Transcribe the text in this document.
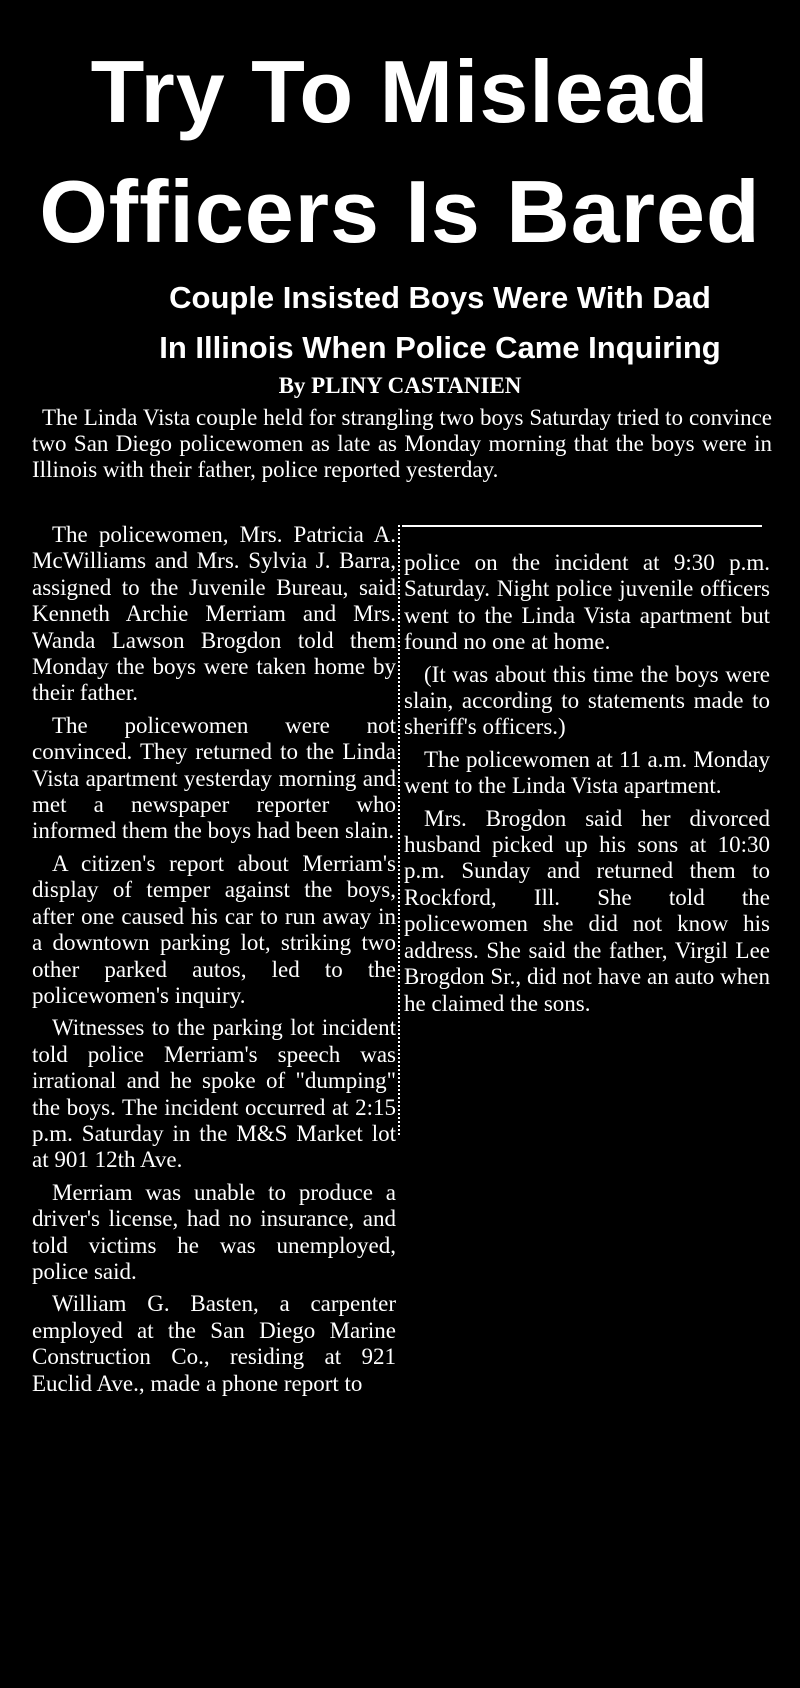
Try To Mislead
Officers Is Bared
Couple Insisted Boys Were With Dad
In Illinois When Police Came Inquiring
By PLINY CASTANIEN

The Linda Vista couple held for strangling two boys Saturday tried to convince two San Diego policewomen as late as Monday morning that the boys were in Illinois with their father, police reported yesterday.

The policewomen, Mrs. Patricia A. McWilliams and Mrs. Sylvia J. Barra, assigned to the Juvenile Bureau, said Kenneth Archie Merriam and Mrs. Wanda Lawson Brogdon told them Monday the boys were taken home by their father.

The policewomen were not convinced. They returned to the Linda Vista apartment yesterday morning and met a newspaper reporter who informed them the boys had been slain.

A citizen's report about Merriam's display of temper against the boys, after one caused his car to run away in a downtown parking lot, striking two other parked autos, led to the policewomen's inquiry.

Witnesses to the parking lot incident told police Merriam's speech was irrational and he spoke of "dumping" the boys. The incident occurred at 2:15 p.m. Saturday in the M&S Market lot at 901 12th Ave.

Merriam was unable to produce a driver's license, had no insurance, and told victims he was unemployed, police said.

William G. Basten, a carpenter employed at the San Diego Marine Construction Co., residing at 921 Euclid Ave., made a phone report to

police on the incident at 9:30 p.m. Saturday. Night police juvenile officers went to the Linda Vista apartment but found no one at home.

(It was about this time the boys were slain, according to statements made to sheriff's officers.)

The policewomen at 11 a.m. Monday went to the Linda Vista apartment.

Mrs. Brogdon said her divorced husband picked up his sons at 10:30 p.m. Sunday and returned them to Rockford, Ill. She told the policewomen she did not know his address. She said the father, Virgil Lee Brogdon Sr., did not have an auto when he claimed the sons.
